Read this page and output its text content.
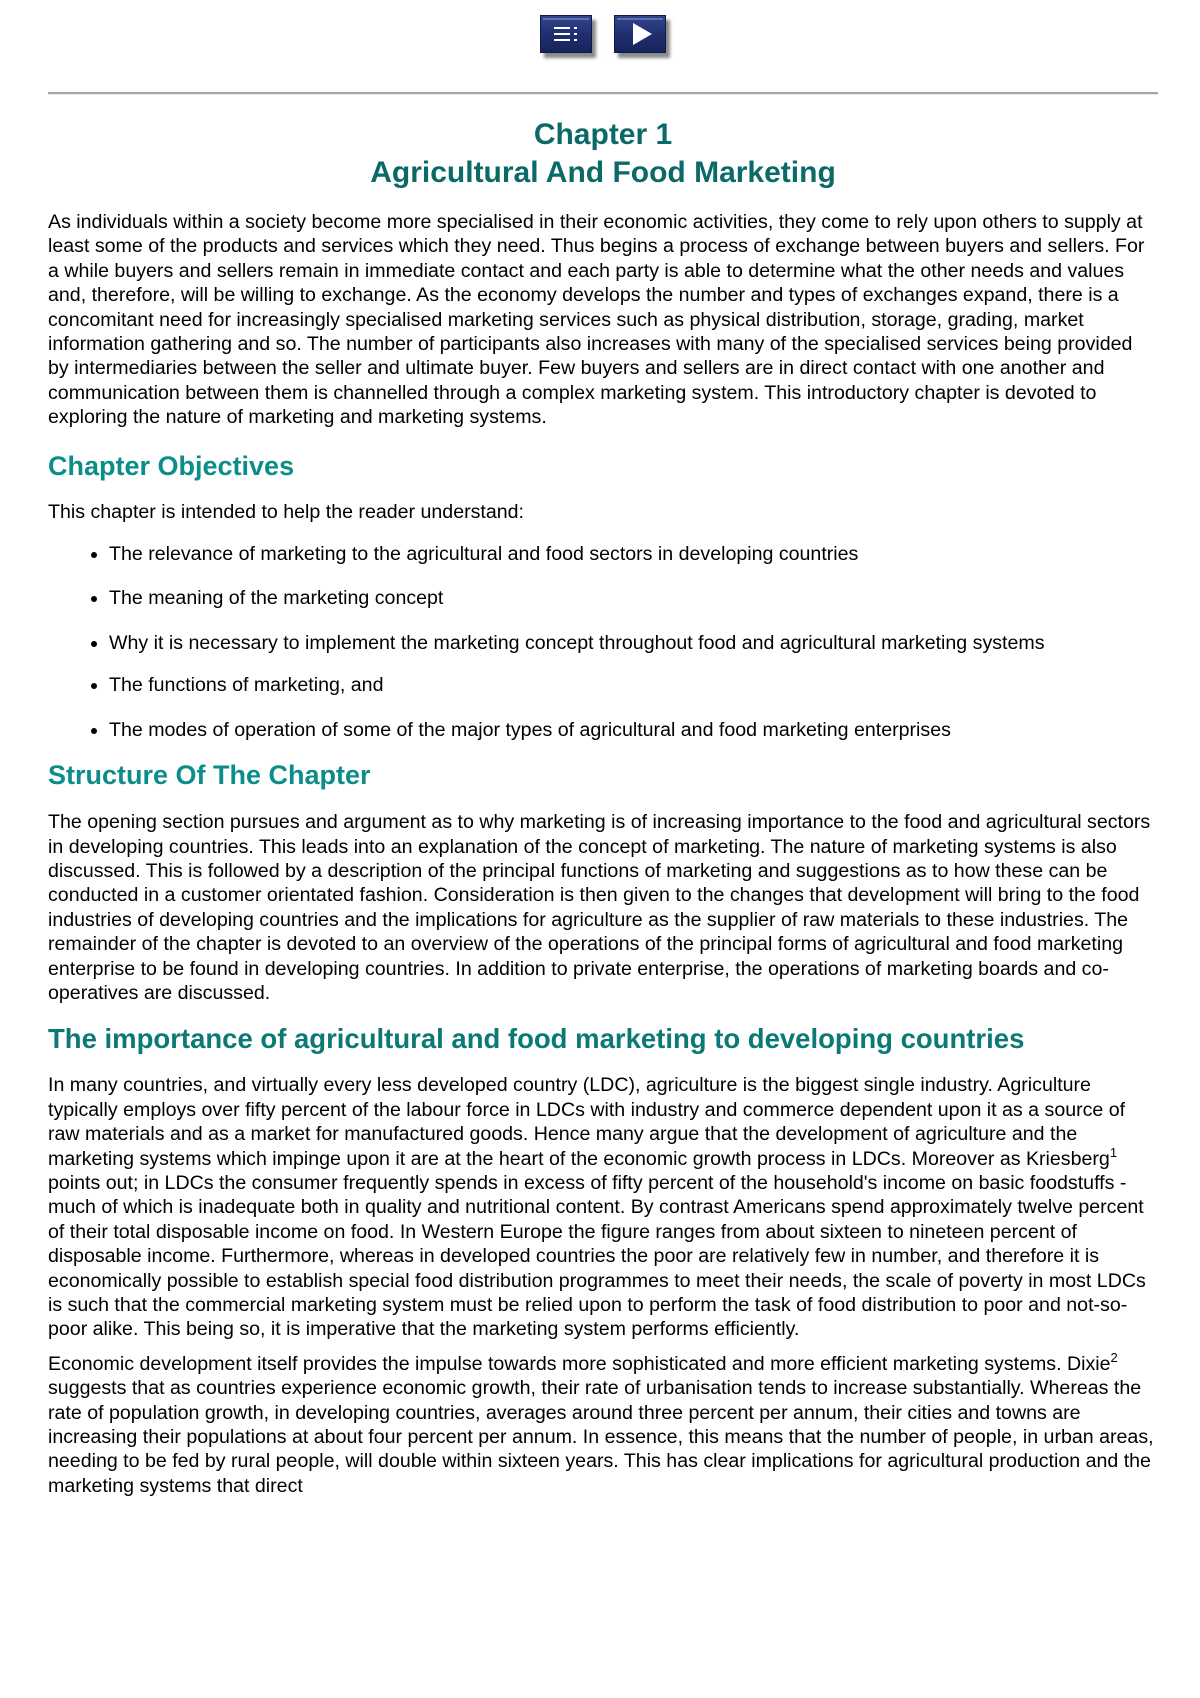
Chapter 1
Agricultural And Food Marketing

As individuals within a society become more specialised in their economic activities, they come to rely upon others to supply at least some of the products and services which they need. Thus begins a process of exchange between buyers and sellers. For a while buyers and sellers remain in immediate contact and each party is able to determine what the other needs and values and, therefore, will be willing to exchange. As the economy develops the number and types of exchanges expand, there is a concomitant need for increasingly specialised marketing services such as physical distribution, storage, grading, market information gathering and so. The number of participants also increases with many of the specialised services being provided by intermediaries between the seller and ultimate buyer. Few buyers and sellers are in direct contact with one another and communication between them is channelled through a complex marketing system. This introductory chapter is devoted to exploring the nature of marketing and marketing systems.

Chapter Objectives

This chapter is intended to help the reader understand:

• The relevance of marketing to the agricultural and food sectors in developing countries
• The meaning of the marketing concept
• Why it is necessary to implement the marketing concept throughout food and agricultural marketing systems
• The functions of marketing, and
• The modes of operation of some of the major types of agricultural and food marketing enterprises
Structure Of The Chapter

The opening section pursues and argument as to why marketing is of increasing importance to the food and agricultural sectors in developing countries. This leads into an explanation of the concept of marketing. The nature of marketing systems is also discussed. This is followed by a description of the principal functions of marketing and suggestions as to how these can be conducted in a customer orientated fashion. Consideration is then given to the changes that development will bring to the food industries of developing countries and the implications for agriculture as the supplier of raw materials to these industries. The remainder of the chapter is devoted to an overview of the operations of the principal forms of agricultural and food marketing enterprise to be found in developing countries. In addition to private enterprise, the operations of marketing boards and co-operatives are discussed.

The importance of agricultural and food marketing to developing countries

In many countries, and virtually every less developed country (LDC), agriculture is the biggest single industry. Agriculture typically employs over fifty percent of the labour force in LDCs with industry and commerce dependent upon it as a source of raw materials and as a market for manufactured goods. Hence many argue that the development of agriculture and the marketing systems which impinge upon it are at the heart of the economic growth process in LDCs. Moreover as Kriesberg$^1$ points out; in LDCs the consumer frequently spends in excess of fifty percent of the household's income on basic foodstuffs - much of which is inadequate both in quality and nutritional content. By contrast Americans spend approximately twelve percent of their total disposable income on food. In Western Europe the figure ranges from about sixteen to nineteen percent of disposable income. Furthermore, whereas in developed countries the poor are relatively few in number, and therefore it is economically possible to establish special food distribution programmes to meet their needs, the scale of poverty in most LDCs is such that the commercial marketing system must be relied upon to perform the task of food distribution to poor and not-so-poor alike. This being so, it is imperative that the marketing system performs efficiently.

Economic development itself provides the impulse towards more sophisticated and more efficient marketing systems. Dixie$^2$ suggests that as countries experience economic growth, their rate of urbanisation tends to increase substantially. Whereas the rate of population growth, in developing countries, averages around three percent per annum, their cities and towns are increasing their populations at about four percent per annum. In essence, this means that the number of people, in urban areas, needing to be fed by rural people, will double within sixteen years. This has clear implications for agricultural production and the marketing systems that direct
